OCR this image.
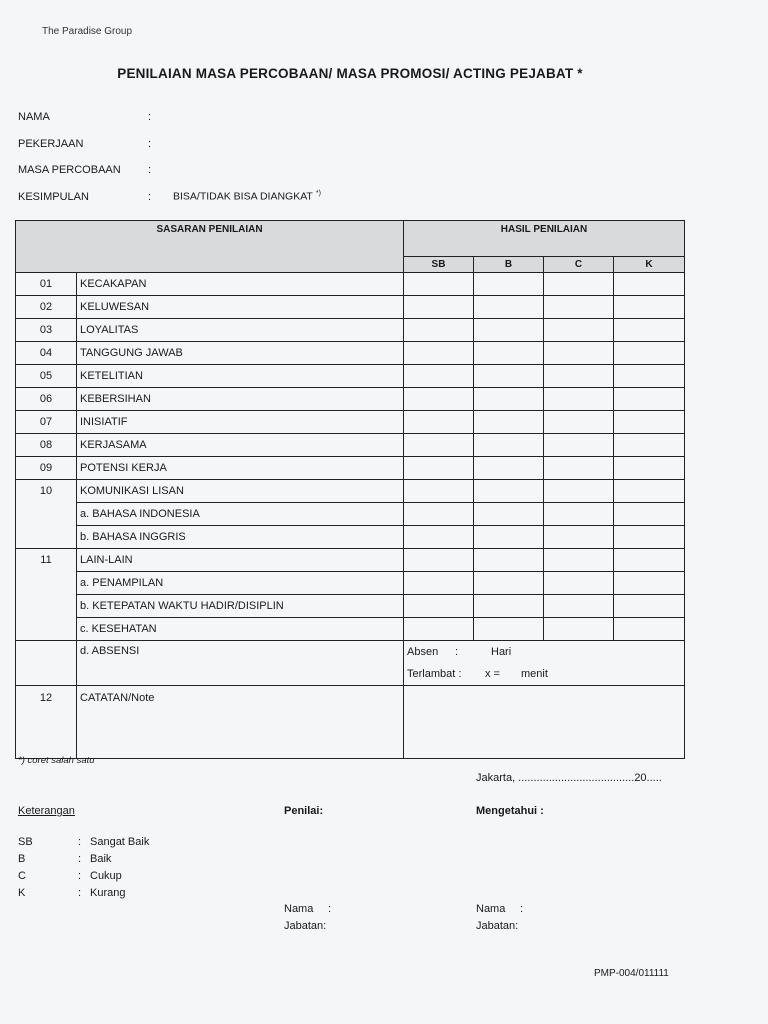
The Paradise Group
PENILAIAN MASA PERCOBAAN/ MASA PROMOSI/ ACTING PEJABAT *
NAMA	:
PEKERJAAN	:
MASA PERCOBAAN :
KESIMPULAN	: BISA/TIDAK BISA DIANGKAT *)
SASARAN PENILAIAN		HASIL PENILAIAN			
		SB	B	C	K
01	KECAKAPAN				
02	KELUWESAN				
03	LOYALITAS				
04	TANGGUNG JAWAB				
05	KETELITIAN				
06	KEBERSIHAN				
07	INISIATIF				
08	KERJASAMA				
09	POTENSI KERJA				
10	KOMUNIKASI LISAN				
	a. BAHASA INDONESIA				
	b. BAHASA INGGRIS				
11	LAIN-LAIN				
	a. PENAMPILAN				
	b. KETEPATAN WAKTU HADIR/DISIPLIN				
	c. KESEHATAN				
	d. ABSENSI	Absen : Hari
Terlambat : x = menit			

12	CATATAN/Note				
*) coret salah satu
Jakarta, ......................................20.....
Keterangan	Penilai:	Mengetahui :
SB	: Sangat Baik
B	: Baik
C	: Cukup
K	: Kurang
Nama :
Jabatan:
Nama :
Jabatan:
PMP-004/011111
